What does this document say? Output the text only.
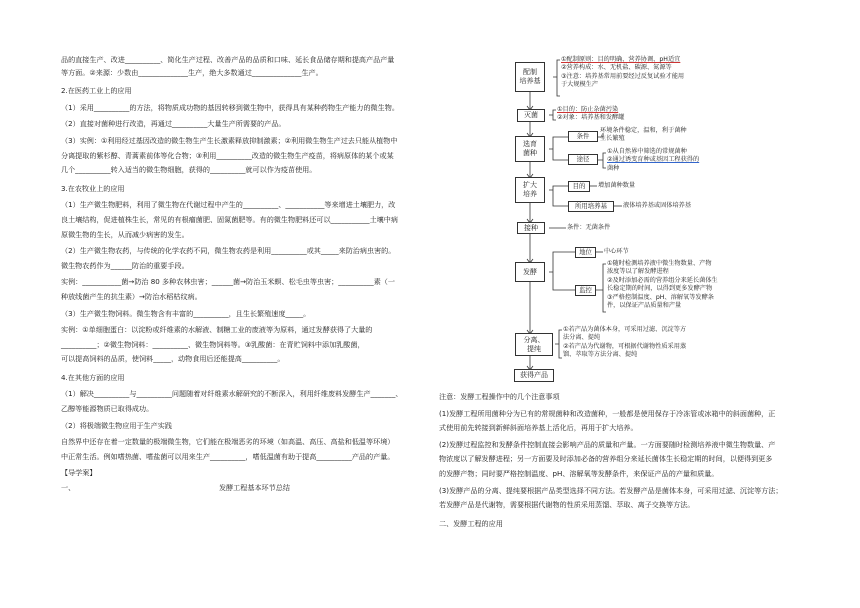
品的直接生产、改进__________、简化生产过程、改善产品的品质和口味、延长食品储存期和提高产品产量
等方面。②来源：少数由______________生产，绝大多数通过______________生产。
2.在医药工业上的应用
（1）采用__________的方法，将物质成功物的基因转移到微生物中，获得具有某种药物生产能力的微生物。
（2）直接对菌种进行改造，再通过__________大量生产所需要的产品。
（3）实例：①利用经过基因改造的微生物生产生长激素释放抑制激素；②利用微生物生产过去只能从植物中
分离提取的紫杉醇、青蒿素前体等化合物；③利用__________改造的微生物生产疫苗，将病原体的某个或某
几个__________转入适当的微生物细胞，获得的__________就可以作为疫苗使用。
3.在农牧业上的应用
（1）生产微生物肥料，利用了微生物在代谢过程中产生的__________、___________等来增进土壤肥力，改
良土壤结构，促进植株生长，常见的有根瘤菌肥、固氮菌肥等。有的微生物肥料还可以___________土壤中病
原微生物的生长，从而减少病害的发生。
（2）生产微生物农药，与传统的化学农药不同，微生物农药是利用__________或其_____来防治病虫害的。
微生物农药作为______防治的重要手段。
实例：___________菌→防治 80 多种农林虫害；______菌→防治玉米螟、松毛虫等虫害；__________素（一
种放线菌产生的抗生素）→防治水稻枯纹病。
（3）生产微生物饲料。微生物含有丰富的__________，且生长繁殖速度_____。
实例：①单细胞蛋白：以淀粉或纤维素的水解液、制糖工业的废液等为原料，通过发酵获得了大量的
__________；②微生物饲料：__________、微生物饲料等。③乳酸菌：在青贮饲料中添加乳酸菌，
可以提高饲料的品质，使饲料_____，动物食用后还能提高__________。
4.在其他方面的应用
（1）解决__________与__________问题随着对纤维素水解研究的不断深入，利用纤维废料发酵生产_______、
乙醇等能源物质已取得成功。
（2）将极端微生物应用于生产实践
自然界中还存在着一定数量的极端微生物，它们能在极端恶劣的环境（如高温、高压、高盐和低温等环境）
中正常生活。例如嗜热菌、嗜盐菌可以用来生产__________，嗜低温菌有助于提高__________产品的产量。
【导学案】
一、	发酵工程基本环节总结
配制
培养基
灭菌
选育
菌种
扩大
培养
接种
发酵
分离、
提纯
获得产品
①配制原则：目的明确、营养协调、pH适宜
②营养构成：水、无机盐、碳源、氮源等
③注意：培养基常用前要经过反复试验才能用
于大规模生产
①目的：防止杂菌污染
②对象：培养基和发酵罐
条件
环境条件稳定，温和，利于菌种生长繁殖
途径
①从自然界中筛选的常规菌种
②通过诱变育种或基因工程获得的
菌种
目的	增加菌种数量
所用培养基	液体培养基或固体培养基
条件：无菌条件
地位	中心环节
监控
①随时检测培养液中微生物数量、产物
浓度等以了解发酵进程
②及时添加必需的营养组分来延长菌体生
长稳定期的时间，以得到更多发酵产物
③严格控制温度、pH、溶解氧等发酵条
件，以保证产品质量和产量
①若产品为菌体本身，可采用过滤、沉淀等方
法分离、提纯
②若产品为代谢物，可根据代谢物性质采用蒸
馏、萃取等方法分离、提纯
注意：发酵工程操作中的几个注意事项
(1)发酵工程所用菌种分为已有的常规菌种和改造菌种，一般都是使用保存于冷冻管或冰箱中的斜面菌种，正
式使用前先转接到新鲜斜面培养基上活化后，再用于扩大培养。
(2)发酵过程监控和发酵条件控制直接会影响产品的质量和产量。一方面要随时检测培养液中微生物数量、产
物浓度以了解发酵进程；另一方面要及时添加必备的营养组分来延长菌体生长稳定期的时间，以便得到更多
的发酵产物；同时要严格控制温度、pH、溶解氧等发酵条件，来保证产品的产量和质量。
(3)发酵产品的分离、提纯要根据产品类型选择不同方法。若发酵产品是菌体本身，可采用过滤、沉淀等方法；
若发酵产品是代谢物，需要根据代谢物的性质采用蒸馏、萃取、离子交换等方法。
二、发酵工程的应用
